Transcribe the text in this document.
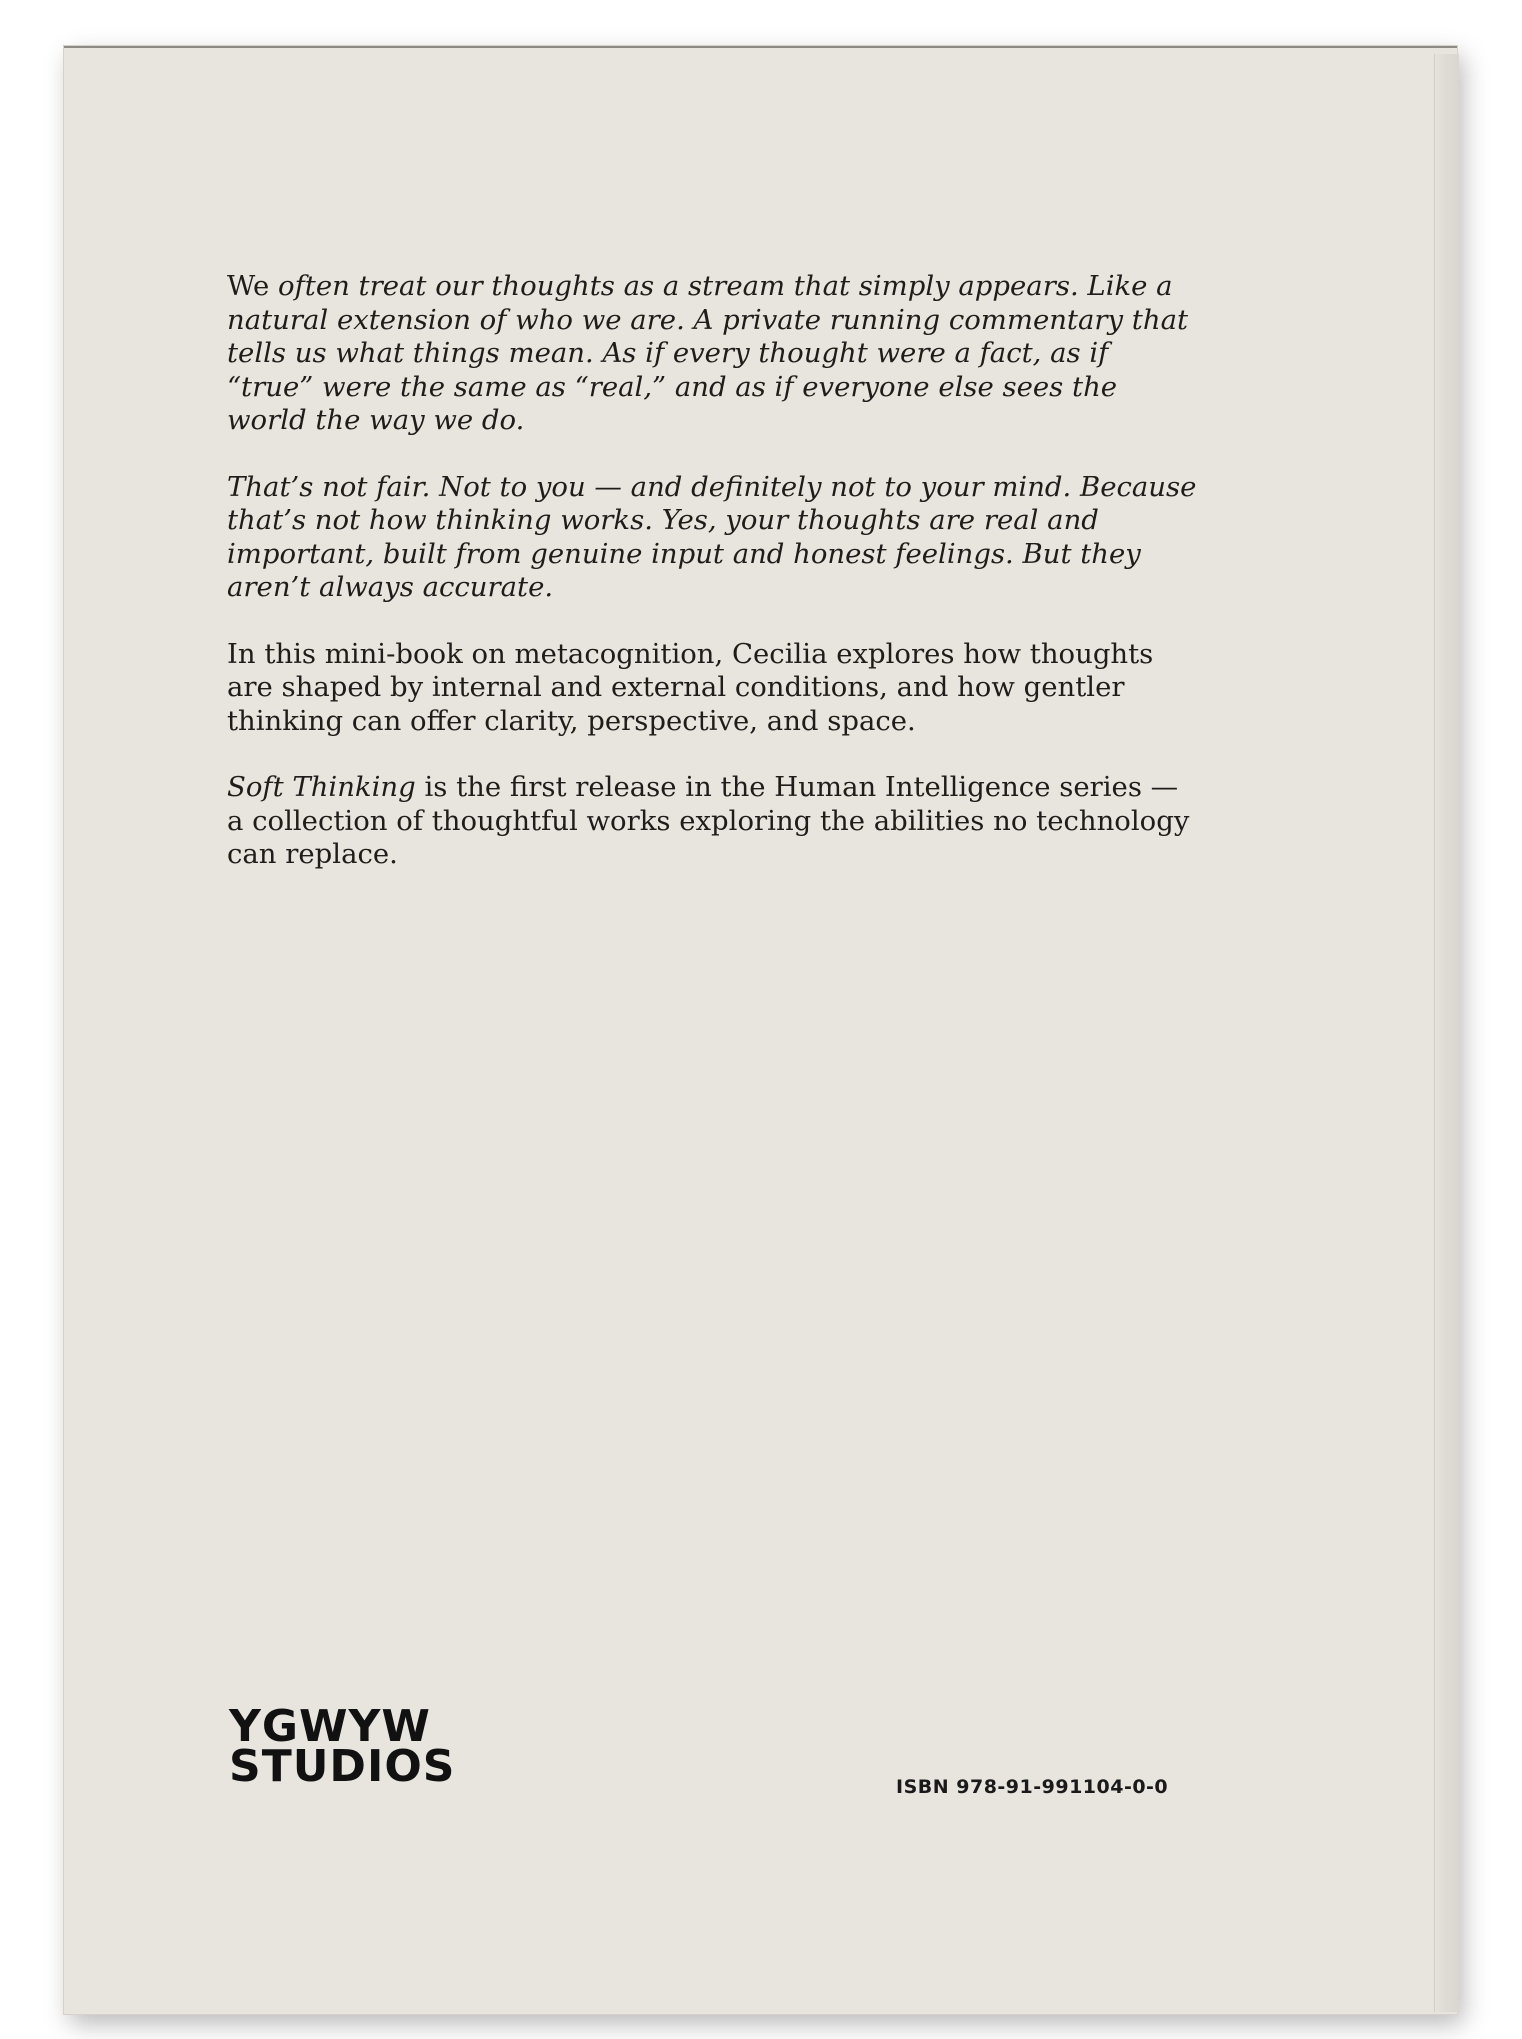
We often treat our thoughts as a stream that simply appears. Like a natural extension of who we are. A private running commentary that tells us what things mean. As if every thought were a fact, as if “true” were the same as “real,” and as if everyone else sees the world the way we do.

That’s not fair. Not to you — and definitely not to your mind. Because that’s not how thinking works. Yes, your thoughts are real and important, built from genuine input and honest feelings. But they aren’t always accurate.

In this mini-book on metacognition, Cecilia explores how thoughts are shaped by internal and external conditions, and how gentler thinking can offer clarity, perspective, and space.

Soft Thinking is the first release in the Human Intelligence series — a collection of thoughtful works exploring the abilities no technology can replace.

YGWYW
STUDIOS	ISBN 978-91-991104-0-0
